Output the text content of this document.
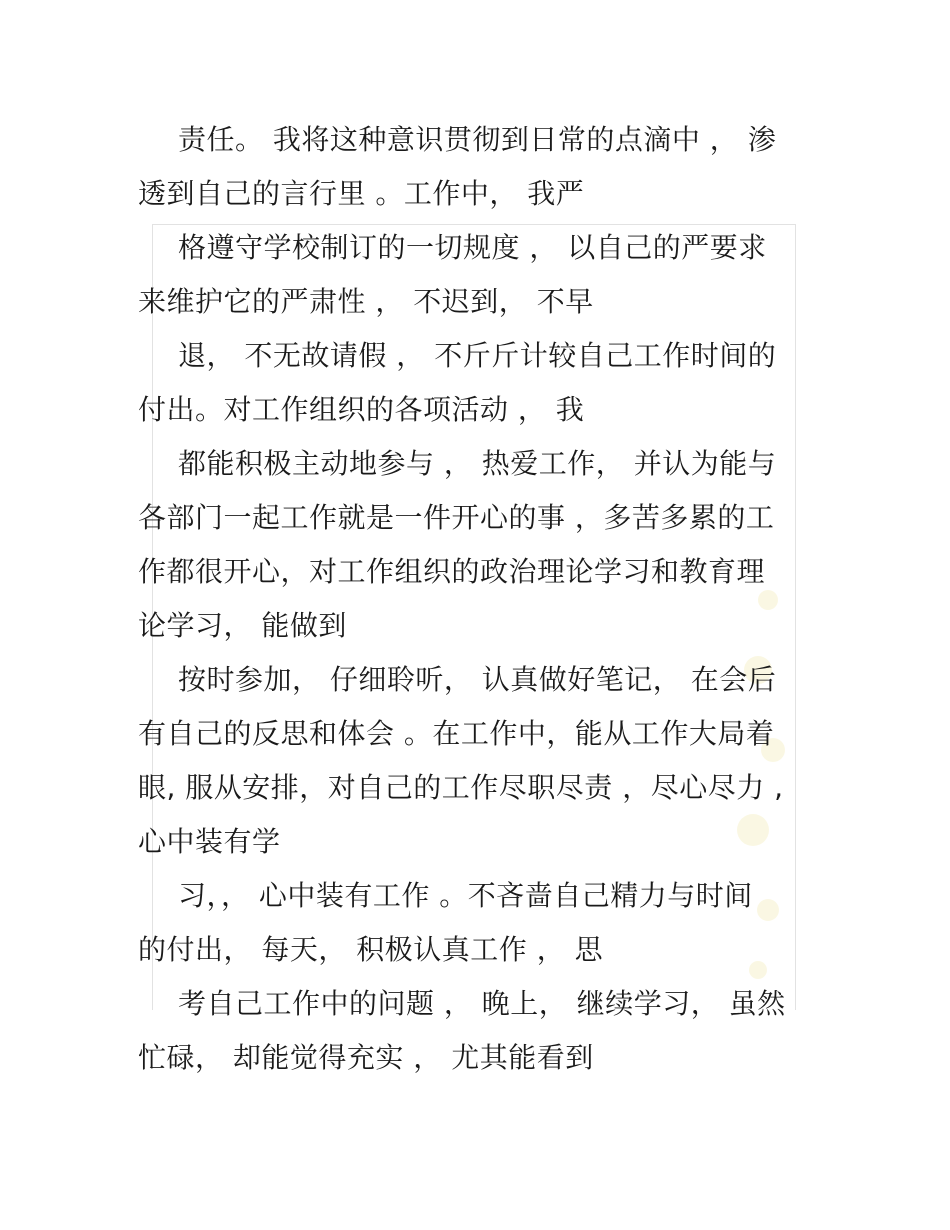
责任。 我将这种意识贯彻到日常的点滴中 ， 渗
透到自己的言行里 。工作中， 我严
格遵守学校制订的一切规度 ， 以自己的严要求
来维护它的严肃性 ， 不迟到， 不早
退， 不无故请假 ， 不斤斤计较自己工作时间的
付出。对工作组织的各项活动 ， 我
都能积极主动地参与 ， 热爱工作， 并认为能与
各部门一起工作就是一件开心的事 ，多苦多累的工
作都很开心，对工作组织的政治理论学习和教育理
论学习， 能做到
按时参加， 仔细聆听， 认真做好笔记， 在会后
有自己的反思和体会 。在工作中，能从工作大局着
眼, 服从安排，对自己的工作尽职尽责 ，尽心尽力 ,
心中装有学
习，， 心中装有工作 。不吝啬自己精力与时间
的付出， 每天， 积极认真工作 ， 思
考自己工作中的问题 ， 晚上， 继续学习， 虽然
忙碌， 却能觉得充实 ， 尤其能看到
